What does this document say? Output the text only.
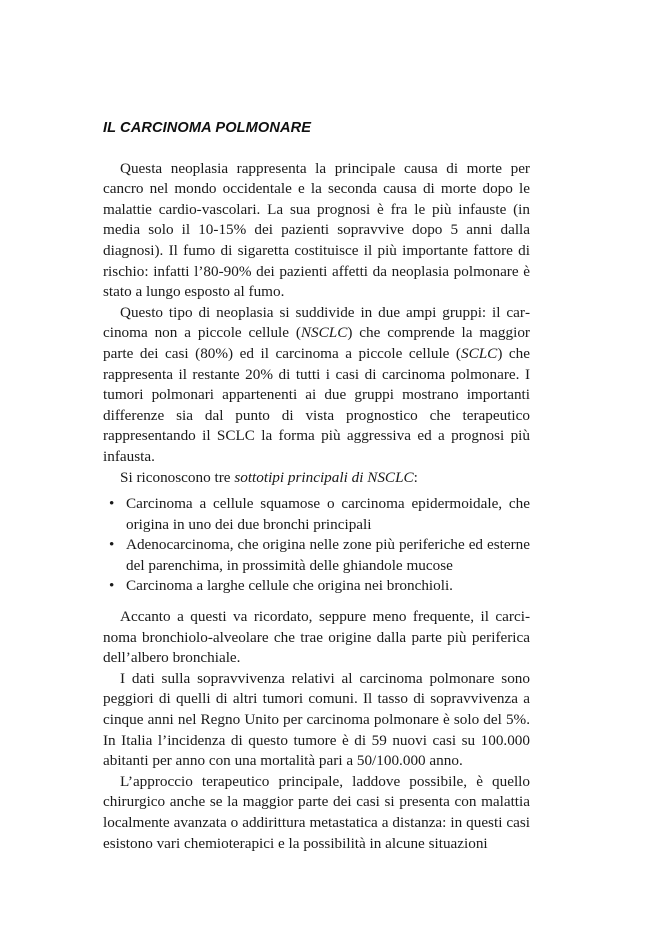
IL CARCINOMA POLMONARE

Questa neoplasia rappresenta la principale causa di morte per cancro nel mondo occidentale e la seconda causa di morte dopo le malattie cardio-vascolari. La sua prognosi è fra le più infauste (in media solo il 10-15% dei pazienti sopravvive dopo 5 anni dalla diagnosi). Il fumo di sigaretta costituisce il più importante fattore di rischio: infatti l’80-90% dei pazienti affetti da neoplasia polmonare è stato a lungo esposto al fumo.

Questo tipo di neoplasia si suddivide in due ampi gruppi: il carcinoma non a piccole cellule (NSCLC) che comprende la maggior parte dei casi (80%) ed il carcinoma a piccole cellule (SCLC) che rappresenta il restante 20% di tutti i casi di carcinoma polmonare. I tumori polmonari appartenenti ai due gruppi mostrano importanti differenze sia dal punto di vista prognostico che terapeutico rappresentando il SCLC la forma più aggressiva ed a prognosi più infausta.

Si riconoscono tre sottotipi principali di NSCLC:

• Carcinoma a cellule squamose o carcinoma epidermoidale, che origina in uno dei due bronchi principali
• Adenocarcinoma, che origina nelle zone più periferiche ed esterne del parenchima, in prossimità delle ghiandole mucose
• Carcinoma a larghe cellule che origina nei bronchioli.

Accanto a questi va ricordato, seppure meno frequente, il carcinoma bronchiolo-alveolare che trae origine dalla parte più periferica dell’albero bronchiale.

I dati sulla sopravvivenza relativi al carcinoma polmonare sono peggiori di quelli di altri tumori comuni. Il tasso di sopravvivenza a cinque anni nel Regno Unito per carcinoma polmonare è solo del 5%. In Italia l’incidenza di questo tumore è di 59 nuovi casi su 100.000 abitanti per anno con una mortalità pari a 50/100.000 anno.

L’approccio terapeutico principale, laddove possibile, è quello chirurgico anche se la maggior parte dei casi si presenta con malattia localmente avanzata o addirittura metastatica a distanza: in questi casi esistono vari chemioterapici e la possibilità in alcune situazioni
